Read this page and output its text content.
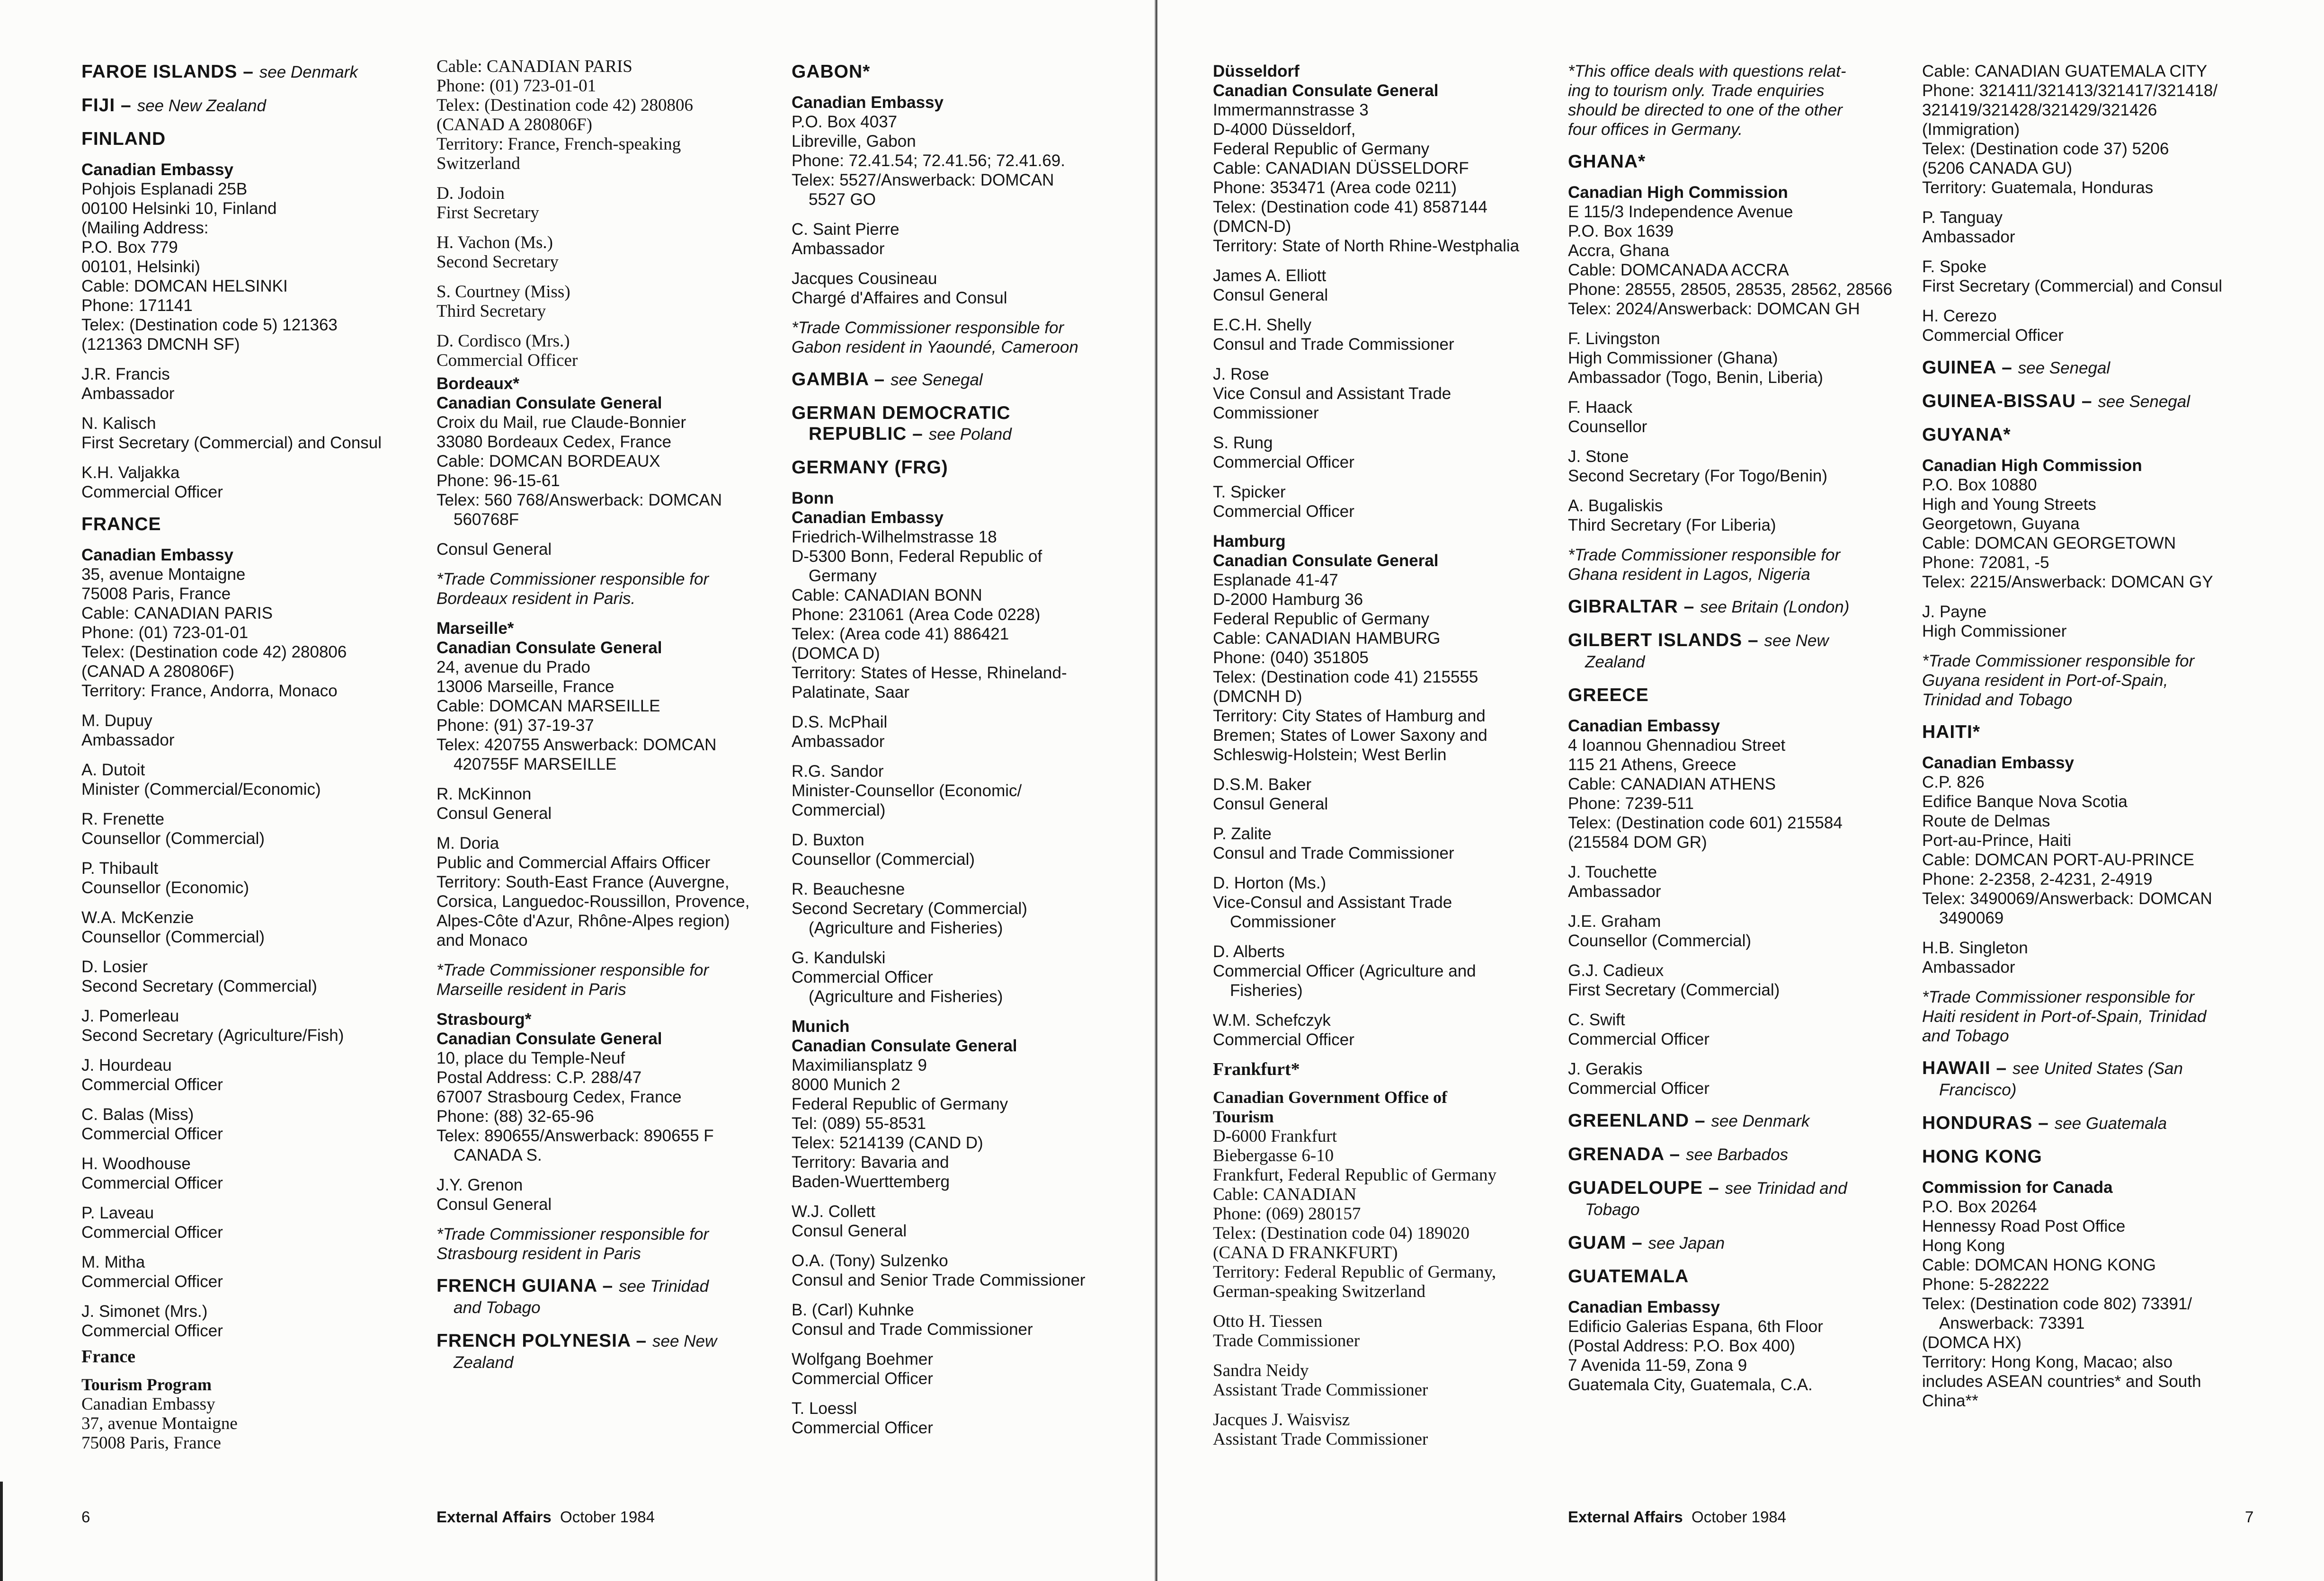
FAROE ISLANDS – see Denmark
FIJI – see New Zealand
FINLAND
Canadian Embassy
Pohjois Esplanadi 25B
00100 Helsinki 10, Finland
(Mailing Address:
P.O. Box 779
00101, Helsinki)
Cable: DOMCAN HELSINKI
Phone: 171141
Telex: (Destination code 5) 121363
(121363 DMCNH SF)
J.R. Francis
Ambassador
N. Kalisch
First Secretary (Commercial) and Consul
K.H. Valjakka
Commercial Officer
FRANCE
Canadian Embassy
35, avenue Montaigne
75008 Paris, France
Cable: CANADIAN PARIS
Phone: (01) 723-01-01
Telex: (Destination code 42) 280806
(CANAD A 280806F)
Territory: France, Andorra, Monaco
M. Dupuy
Ambassador
A. Dutoit
Minister (Commercial/Economic)
R. Frenette
Counsellor (Commercial)
P. Thibault
Counsellor (Economic)
W.A. McKenzie
Counsellor (Commercial)
D. Losier
Second Secretary (Commercial)
J. Pomerleau
Second Secretary (Agriculture/Fish)
J. Hourdeau
Commercial Officer
C. Balas (Miss)
Commercial Officer
H. Woodhouse
Commercial Officer
P. Laveau
Commercial Officer
M. Mitha
Commercial Officer
J. Simonet (Mrs.)
Commercial Officer
France
Tourism Program
Canadian Embassy
37, avenue Montaigne
75008 Paris, France
Cable: CANADIAN PARIS
Phone: (01) 723-01-01
Telex: (Destination code 42) 280806
(CANAD A 280806F)
Territory: France, French-speaking
Switzerland
D. Jodoin
First Secretary
H. Vachon (Ms.)
Second Secretary
S. Courtney (Miss)
Third Secretary
D. Cordisco (Mrs.)
Commercial Officer
Bordeaux*
Canadian Consulate General
Croix du Mail, rue Claude-Bonnier
33080 Bordeaux Cedex, France
Cable: DOMCAN BORDEAUX
Phone: 96-15-61
Telex: 560 768/Answerback: DOMCAN
560768F
Consul General
*Trade Commissioner responsible for
Bordeaux resident in Paris.
Marseille*
Canadian Consulate General
24, avenue du Prado
13006 Marseille, France
Cable: DOMCAN MARSEILLE
Phone: (91) 37-19-37
Telex: 420755 Answerback: DOMCAN
420755F MARSEILLE
R. McKinnon
Consul General
M. Doria
Public and Commercial Affairs Officer
Territory: South-East France (Auvergne,
Corsica, Languedoc-Roussillon, Provence,
Alpes-Côte d'Azur, Rhône-Alpes region)
and Monaco
*Trade Commissioner responsible for
Marseille resident in Paris
Strasbourg*
Canadian Consulate General
10, place du Temple-Neuf
Postal Address: C.P. 288/47
67007 Strasbourg Cedex, France
Phone: (88) 32-65-96
Telex: 890655/Answerback: 890655 F
CANADA S.
J.Y. Grenon
Consul General
*Trade Commissioner responsible for
Strasbourg resident in Paris
FRENCH GUIANA – see Trinidad
and Tobago
FRENCH POLYNESIA – see New
Zealand
GABON*
Canadian Embassy
P.O. Box 4037
Libreville, Gabon
Phone: 72.41.54; 72.41.56; 72.41.69.
Telex: 5527/Answerback: DOMCAN
5527 GO
C. Saint Pierre
Ambassador
Jacques Cousineau
Chargé d'Affaires and Consul
*Trade Commissioner responsible for
Gabon resident in Yaoundé, Cameroon
GAMBIA – see Senegal
GERMAN DEMOCRATIC
REPUBLIC – see Poland
GERMANY (FRG)
Bonn
Canadian Embassy
Friedrich-Wilhelmstrasse 18
D-5300 Bonn, Federal Republic of
Germany
Cable: CANADIAN BONN
Phone: 231061 (Area Code 0228)
Telex: (Area code 41) 886421
(DOMCA D)
Territory: States of Hesse, Rhineland-
Palatinate, Saar
D.S. McPhail
Ambassador
R.G. Sandor
Minister-Counsellor (Economic/
Commercial)
D. Buxton
Counsellor (Commercial)
R. Beauchesne
Second Secretary (Commercial)
(Agriculture and Fisheries)
G. Kandulski
Commercial Officer
(Agriculture and Fisheries)
Munich
Canadian Consulate General
Maximiliansplatz 9
8000 Munich 2
Federal Republic of Germany
Tel: (089) 55-8531
Telex: 5214139 (CAND D)
Territory: Bavaria and
Baden-Wuerttemberg
W.J. Collett
Consul General
O.A. (Tony) Sulzenko
Consul and Senior Trade Commissioner
B. (Carl) Kuhnke
Consul and Trade Commissioner
Wolfgang Boehmer
Commercial Officer
T. Loessl
Commercial Officer
6	External Affairs October 1984
Düsseldorf
Canadian Consulate General
Immermannstrasse 3
D-4000 Düsseldorf,
Federal Republic of Germany
Cable: CANADIAN DÜSSELDORF
Phone: 353471 (Area code 0211)
Telex: (Destination code 41) 8587144
(DMCN-D)
Territory: State of North Rhine-Westphalia
James A. Elliott
Consul General
E.C.H. Shelly
Consul and Trade Commissioner
J. Rose
Vice Consul and Assistant Trade
Commissioner
S. Rung
Commercial Officer
T. Spicker
Commercial Officer
Hamburg
Canadian Consulate General
Esplanade 41-47
D-2000 Hamburg 36
Federal Republic of Germany
Cable: CANADIAN HAMBURG
Phone: (040) 351805
Telex: (Destination code 41) 215555
(DMCNH D)
Territory: City States of Hamburg and
Bremen; States of Lower Saxony and
Schleswig-Holstein; West Berlin
D.S.M. Baker
Consul General
P. Zalite
Consul and Trade Commissioner
D. Horton (Ms.)
Vice-Consul and Assistant Trade
Commissioner
D. Alberts
Commercial Officer (Agriculture and
Fisheries)
W.M. Schefczyk
Commercial Officer
Frankfurt*
Canadian Government Office of
Tourism
D-6000 Frankfurt
Biebergasse 6-10
Frankfurt, Federal Republic of Germany
Cable: CANADIAN
Phone: (069) 280157
Telex: (Destination code 04) 189020
(CANA D FRANKFURT)
Territory: Federal Republic of Germany,
German-speaking Switzerland
Otto H. Tiessen
Trade Commissioner
Sandra Neidy
Assistant Trade Commissioner
Jacques J. Waisvisz
Assistant Trade Commissioner
*This office deals with questions relat-
ing to tourism only. Trade enquiries
should be directed to one of the other
four offices in Germany.
GHANA*
Canadian High Commission
E 115/3 Independence Avenue
P.O. Box 1639
Accra, Ghana
Cable: DOMCANADA ACCRA
Phone: 28555, 28505, 28535, 28562, 28566
Telex: 2024/Answerback: DOMCAN GH
F. Livingston
High Commissioner (Ghana)
Ambassador (Togo, Benin, Liberia)
F. Haack
Counsellor
J. Stone
Second Secretary (For Togo/Benin)
A. Bugaliskis
Third Secretary (For Liberia)
*Trade Commissioner responsible for
Ghana resident in Lagos, Nigeria
GIBRALTAR – see Britain (London)
GILBERT ISLANDS – see New
Zealand
GREECE
Canadian Embassy
4 Ioannou Ghennadiou Street
115 21 Athens, Greece
Cable: CANADIAN ATHENS
Phone: 7239-511
Telex: (Destination code 601) 215584
(215584 DOM GR)
J. Touchette
Ambassador
J.E. Graham
Counsellor (Commercial)
G.J. Cadieux
First Secretary (Commercial)
C. Swift
Commercial Officer
J. Gerakis
Commercial Officer
GREENLAND – see Denmark
GRENADA – see Barbados
GUADELOUPE – see Trinidad and
Tobago
GUAM – see Japan
GUATEMALA
Canadian Embassy
Edificio Galerias Espana, 6th Floor
(Postal Address: P.O. Box 400)
7 Avenida 11-59, Zona 9
Guatemala City, Guatemala, C.A.
Cable: CANADIAN GUATEMALA CITY
Phone: 321411/321413/321417/321418/
321419/321428/321429/321426
(Immigration)
Telex: (Destination code 37) 5206
(5206 CANADA GU)
Territory: Guatemala, Honduras
P. Tanguay
Ambassador
F. Spoke
First Secretary (Commercial) and Consul
H. Cerezo
Commercial Officer
GUINEA – see Senegal
GUINEA-BISSAU – see Senegal
GUYANA*
Canadian High Commission
P.O. Box 10880
High and Young Streets
Georgetown, Guyana
Cable: DOMCAN GEORGETOWN
Phone: 72081, -5
Telex: 2215/Answerback: DOMCAN GY
J. Payne
High Commissioner
*Trade Commissioner responsible for
Guyana resident in Port-of-Spain,
Trinidad and Tobago
HAITI*
Canadian Embassy
C.P. 826
Edifice Banque Nova Scotia
Route de Delmas
Port-au-Prince, Haiti
Cable: DOMCAN PORT-AU-PRINCE
Phone: 2-2358, 2-4231, 2-4919
Telex: 3490069/Answerback: DOMCAN
3490069
H.B. Singleton
Ambassador
*Trade Commissioner responsible for
Haiti resident in Port-of-Spain, Trinidad
and Tobago
HAWAII – see United States (San
Francisco)
HONDURAS – see Guatemala
HONG KONG
Commission for Canada
P.O. Box 20264
Hennessy Road Post Office
Hong Kong
Cable: DOMCAN HONG KONG
Phone: 5-282222
Telex: (Destination code 802) 73391/
Answerback: 73391
(DOMCA HX)
Territory: Hong Kong, Macao; also
includes ASEAN countries* and South
China**
External Affairs October 1984	7
